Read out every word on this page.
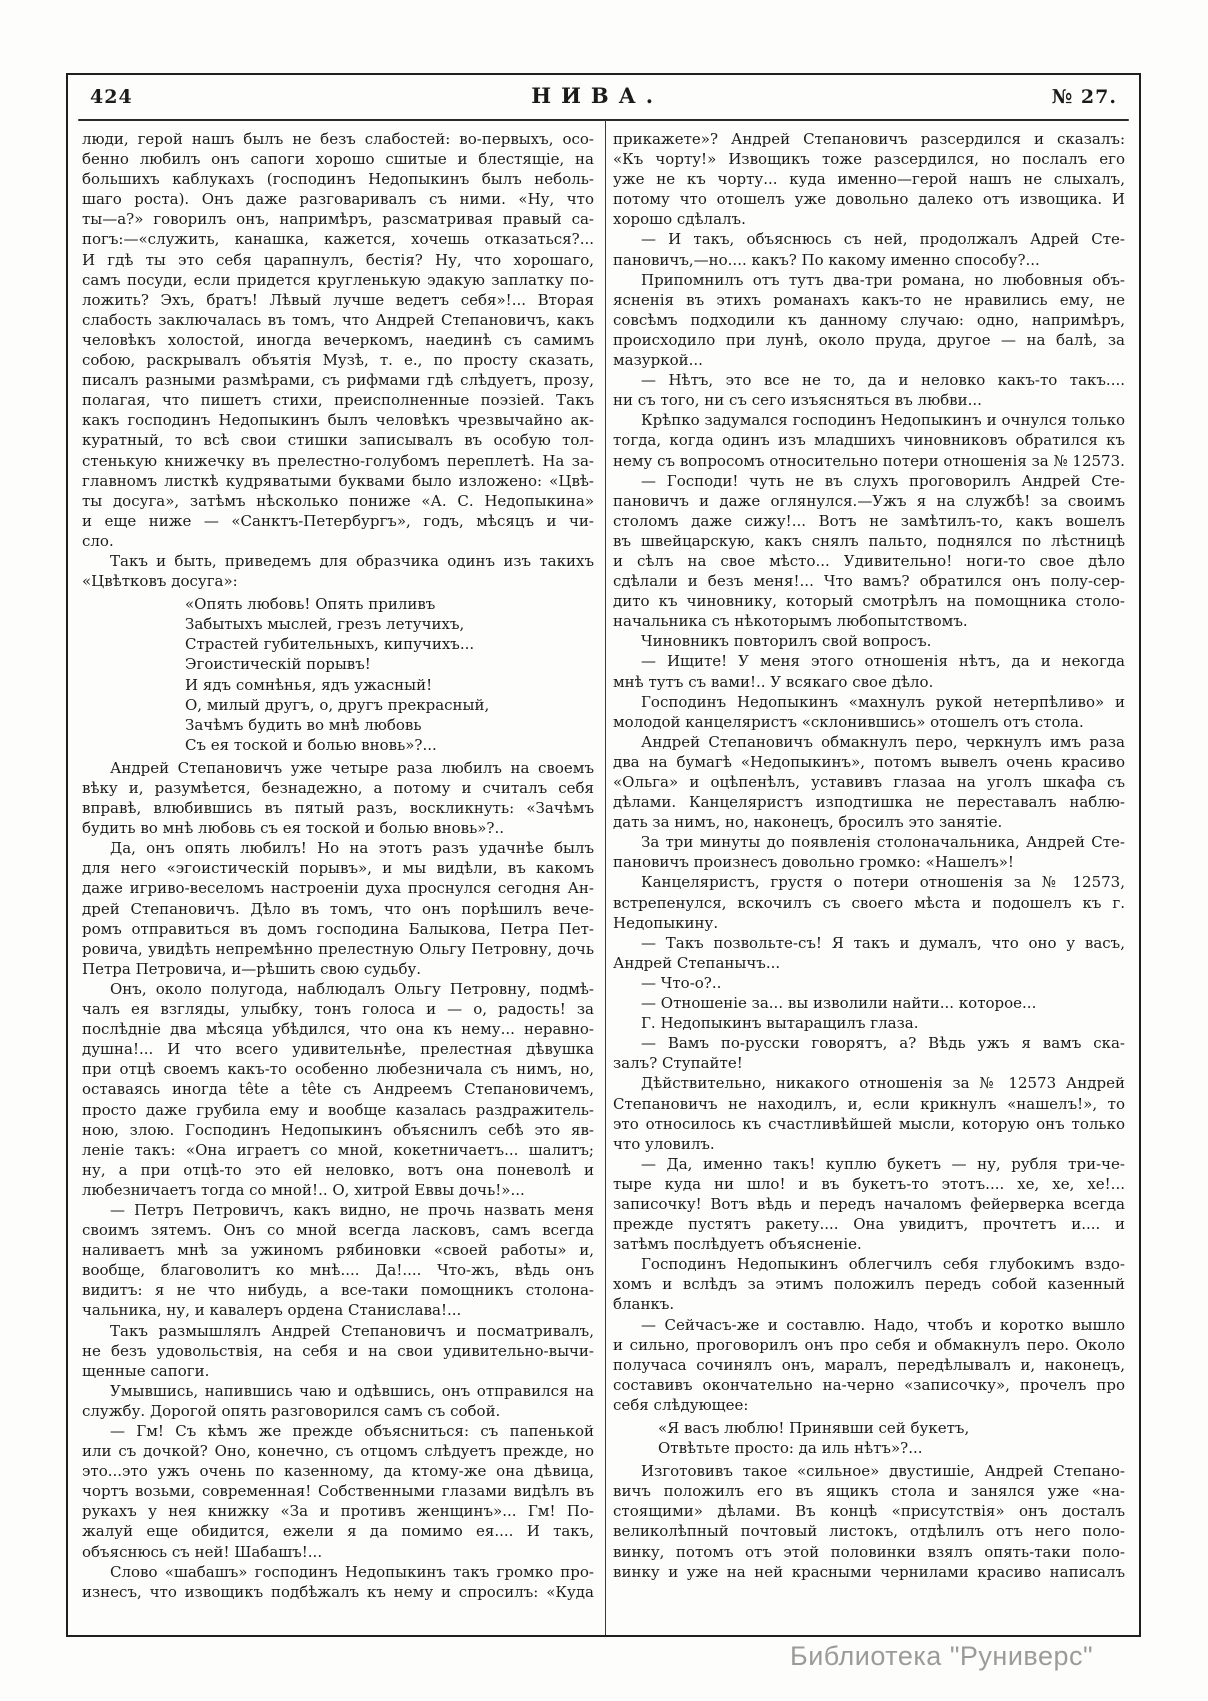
424	НИВА.	№ 27.
люди, герой нашъ былъ не безъ слабостей: во-первыхъ, осо-
бенно любилъ онъ сапоги хорошо сшитые и блестящіе, на
большихъ каблукахъ (господинъ Недопыкинъ былъ неболь-
шаго роста). Онъ даже разговаривалъ съ ними. «Ну, что
ты—а?» говорилъ онъ, напримѣръ, разсматривая правый са-
погъ:—«служить, канашка, кажется, хочешь отказаться?...
И гдѣ ты это себя царапнулъ, бестія? Ну, что хорошаго,
самъ посуди, если придется кругленькую эдакую заплатку по-
ложить? Эхъ, братъ! Лѣвый лучше ведетъ себя»!... Вторая
слабость заключалась въ томъ, что Андрей Степановичъ, какъ
человѣкъ холостой, иногда вечеркомъ, наединѣ съ самимъ
собою, раскрывалъ объятія Музѣ, т. е., по просту сказать,
писалъ разными размѣрами, съ рифмами гдѣ слѣдуетъ, прозу,
полагая, что пишетъ стихи, преисполненные поэзіей. Такъ
какъ господинъ Недопыкинъ былъ человѣкъ чрезвычайно ак-
куратный, то всѣ свои стишки записывалъ въ особую тол-
стенькую книжечку въ прелестно-голубомъ переплетѣ. На за-
главномъ листкѣ кудряватыми буквами было изложено: «Цвѣ-
ты досуга», затѣмъ нѣсколько пониже «А. С. Недопыкина»
и еще ниже — «Санктъ-Петербургъ», годъ, мѣсяцъ и чи-
сло.
Такъ и быть, приведемъ для образчика одинъ изъ такихъ
«Цвѣтковъ досуга»:
«Опять любовь! Опять приливъ
Забытыхъ мыслей, грезъ летучихъ,
Страстей губительныхъ, кипучихъ...
Эгоистическій порывъ!
И ядъ сомнѣнья, ядъ ужасный!
О, милый другъ, о, другъ прекрасный,
Зачѣмъ будить во мнѣ любовь
Съ ея тоской и болью вновь»?...
Андрей Степановичъ уже четыре раза любилъ на своемъ
вѣку и, разумѣется, безнадежно, а потому и считалъ себя
вправѣ, влюбившись въ пятый разъ, воскликнуть: «Зачѣмъ
будить во мнѣ любовь съ ея тоской и болью вновь»?..
Да, онъ опять любилъ! Но на этотъ разъ удачнѣе былъ
для него «эгоистическій порывъ», и мы видѣли, въ какомъ
даже игриво-веселомъ настроеніи духа проснулся сегодня Ан-
дрей Степановичъ. Дѣло въ томъ, что онъ порѣшилъ вече-
ромъ отправиться въ домъ господина Балыкова, Петра Пет-
ровича, увидѣть непремѣнно прелестную Ольгу Петровну, дочь
Петра Петровича, и—рѣшить свою судьбу.
Онъ, около полугода, наблюдалъ Ольгу Петровну, подмѣ-
чалъ ея взгляды, улыбку, тонъ голоса и — о, радость! за
послѣдніе два мѣсяца убѣдился, что она къ нему... неравно-
душна!... И что всего удивительнѣе, прелестная дѣвушка
при отцѣ своемъ какъ-то особенно любезничала съ нимъ, но,
оставаясь иногда tête a tête съ Андреемъ Степановичемъ,
просто даже грубила ему и вообще казалась раздражитель-
ною, злою. Господинъ Недопыкинъ объяснилъ себѣ это яв-
леніе такъ: «Она играетъ со мной, кокетничаетъ... шалитъ;
ну, а при отцѣ-то это ей неловко, вотъ она поневолѣ и
любезничаетъ тогда со мной!.. О, хитрой Еввы дочь!»...
— Петръ Петровичъ, какъ видно, не прочь назвать меня
своимъ зятемъ. Онъ со мной всегда ласковъ, самъ всегда
наливаетъ мнѣ за ужиномъ рябиновки «своей работы» и,
вообще, благоволитъ ко мнѣ.... Да!.... Что-жъ, вѣдь онъ
видитъ: я не что нибудь, а все-таки помощникъ столона-
чальника, ну, и кавалеръ ордена Станислава!...
Такъ размышлялъ Андрей Степановичъ и посматривалъ,
не безъ удовольствія, на себя и на свои удивительно-вычи-
щенные сапоги.
Умывшись, напившись чаю и одѣвшись, онъ отправился на
службу. Дорогой опять разговорился самъ съ собой.
— Гм! Съ кѣмъ же прежде объясниться: съ папенькой
или съ дочкой? Оно, конечно, съ отцомъ слѣдуетъ прежде, но
это...это ужъ очень по казенному, да ктому-же она дѣвица,
чортъ возьми, современная! Собственными глазами видѣлъ въ
рукахъ у нея книжку «За и противъ женщинъ»... Гм! По-
жалуй еще обидится, ежели я да помимо ея.... И такъ,
объяснюсь съ ней! Шабашъ!...
Слово «шабашъ» господинъ Недопыкинъ такъ громко про-
изнесъ, что извощикъ подбѣжалъ къ нему и спросилъ: «Куда
прикажете»? Андрей Степановичъ разсердился и сказалъ:
«Къ чорту!» Извощикъ тоже разсердился, но послалъ его
уже не къ чорту... куда именно—герой нашъ не слыхалъ,
потому что отошелъ уже довольно далеко отъ извощика. И
хорошо сдѣлалъ.
— И такъ, объяснюсь съ ней, продолжалъ Адрей Сте-
пановичъ,—но.... какъ? По какому именно способу?...
Припомнилъ отъ тутъ два-три романа, но любовныя объ-
ясненія въ этихъ романахъ какъ-то не нравились ему, не
совсѣмъ подходили къ данному случаю: одно, напримѣръ,
происходило при лунѣ, около пруда, другое — на балѣ, за
мазуркой...
— Нѣтъ, это все не то, да и неловко какъ-то такъ....
ни съ того, ни съ сего изъясняться въ любви...
Крѣпко задумался господинъ Недопыкинъ и очнулся только
тогда, когда одинъ изъ младшихъ чиновниковъ обратился къ
нему съ вопросомъ относительно потери отношенія за № 12573.
— Господи! чуть не въ слухъ проговорилъ Андрей Сте-
пановичъ и даже оглянулся.—Ужъ я на службѣ! за своимъ
столомъ даже сижу!... Вотъ не замѣтилъ-то, какъ вошелъ
въ швейцарскую, какъ снялъ пальто, поднялся по лѣстницѣ
и сѣлъ на свое мѣсто... Удивительно! ноги-то свое дѣло
сдѣлали и безъ меня!... Что вамъ? обратился онъ полу-сер-
дито къ чиновнику, который смотрѣлъ на помощника столо-
начальника съ нѣкоторымъ любопытствомъ.
Чиновникъ повторилъ свой вопросъ.
— Ищите! У меня этого отношенія нѣтъ, да и некогда
мнѣ тутъ съ вами!.. У всякаго свое дѣло.
Господинъ Недопыкинъ «махнулъ рукой нетерпѣливо» и
молодой канцеляристъ «склонившись» отошелъ отъ стола.
Андрей Степановичъ обмакнулъ перо, черкнулъ имъ раза
два на бумагѣ «Недопыкинъ», потомъ вывелъ очень красиво
«Ольга» и оцѣпенѣлъ, уставивъ глазаа на уголъ шкафа съ
дѣлами. Канцеляристъ изподтишка не переставалъ наблю-
дать за нимъ, но, наконецъ, бросилъ это занятіе.
За три минуты до появленія столоначальника, Андрей Сте-
пановичъ произнесъ довольно громко: «Нашелъ»!
Канцеляристъ, грустя о потери отношенія за № 12573,
встрепенулся, вскочилъ съ своего мѣста и подошелъ къ г.
Недопыкину.
— Такъ позвольте-съ! Я такъ и думалъ, что оно у васъ,
Андрей Степанычъ...
— Что-о?..
— Отношеніе за... вы изволили найти... которое...
Г. Недопыкинъ вытаращилъ глаза.
— Вамъ по-русски говорятъ, а? Вѣдь ужъ я вамъ ска-
залъ? Ступайте!
Дѣйствительно, никакого отношенія за № 12573 Андрей
Степановичъ не находилъ, и, если крикнулъ «нашелъ!», то
это относилось къ счастливѣйшей мысли, которую онъ только
что уловилъ.
— Да, именно такъ! куплю букетъ — ну, рубля три-че-
тыре куда ни шло! и въ букетъ-то этотъ.... хе, хе, хе!...
записочку! Вотъ вѣдь и передъ началомъ фейерверка всегда
прежде пустятъ ракету.... Она увидитъ, прочтетъ и.... и
затѣмъ послѣдуетъ объясненіе.
Господинъ Недопыкинъ облегчилъ себя глубокимъ вздо-
хомъ и вслѣдъ за этимъ положилъ передъ собой казенный
бланкъ.
— Сейчасъ-же и составлю. Надо, чтобъ и коротко вышло
и сильно, проговорилъ онъ про себя и обмакнулъ перо. Около
получаса сочинялъ онъ, маралъ, передѣлывалъ и, наконецъ,
составивъ окончательно на-черно «записочку», прочелъ про
себя слѣдующее:
«Я васъ люблю! Принявши сей букетъ,
Отвѣтьте просто: да иль нѣтъ»?...
Изготовивъ такое «сильное» двустишіе, Андрей Степано-
вичъ положилъ его въ ящикъ стола и занялся уже «на-
стоящими» дѣлами. Въ концѣ «присутствія» онъ досталъ
великолѣпный почтовый листокъ, отдѣлилъ отъ него поло-
винку, потомъ отъ этой половинки взялъ опять-таки поло-
винку и уже на ней красными чернилами красиво написалъ
Библиотека "Руниверс"
